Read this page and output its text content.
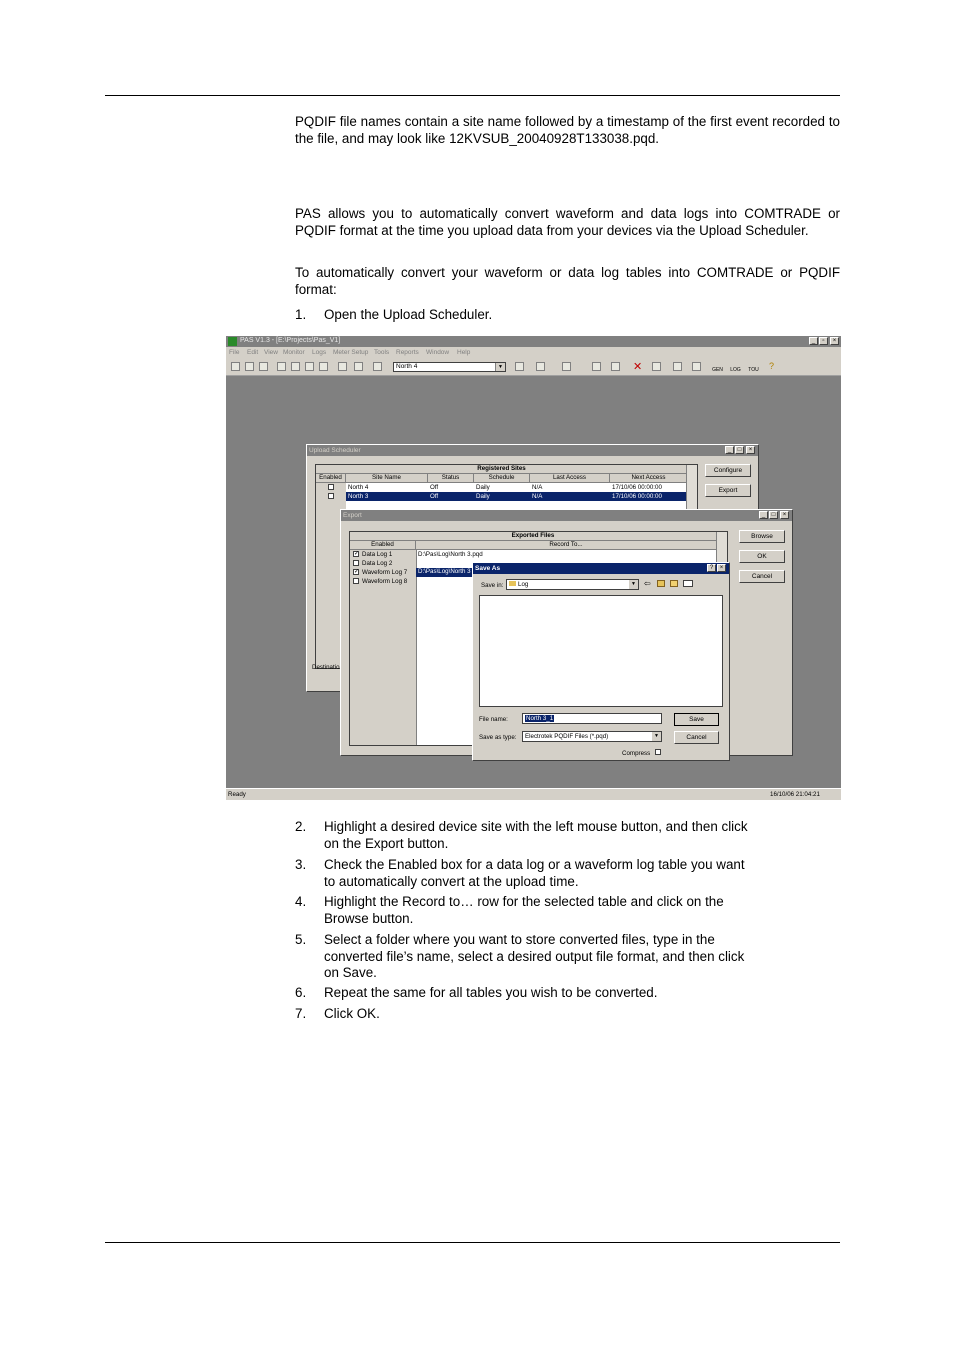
PQDIF file names contain a site name followed by a timestamp of the first event recorded to the file, and may look like 12KVSUB_20040928T133038.pqd.
PAS allows you to automatically convert waveform and data logs into COMTRADE or PQDIF format at the time you upload data from your devices via the Upload Scheduler.
To automatically convert your waveform or data log tables into COMTRADE or PQDIF format:
1. Open the Upload Scheduler.
PAS V1.3 - [E:\Projects\Pas_V1]	_	▫	×
File Edit View Monitor Logs Meter Setup Tools Reports Window Help
North 4	▼	✕	GEN LOG TOU ?
Upload Scheduler	_	□	×
Registered Sites
Enabled	Site Name	Status	Schedule	Last Access	Next Access
North 4	Off	Daily	N/A	17/10/06 00:00:00
North 3	Off	Daily	N/A	17/10/06 00:00:00
Destinatio
Configure
Export
Export	_	□	×
Exported Files
Enabled	Record To...
✓ Data Log 1	D:\Pas\Log\North 3.pqd
Data Log 2
✓ Waveform Log 7	D:\Pas\Log\North 3
Waveform Log 8
Browse
OK
Cancel
Save As	?	×
Save in:	Log	▼ ⇦
File name:	North 3_1
Save as type:	Electrotek PQDIF Files (*.pqd)	▼
Compress
Save
Cancel
Ready	16/10/06 21:04:21
2. Highlight a desired device site with the left mouse button, and then click on the Export button.
3. Check the Enabled box for a data log or a waveform log table you want to automatically convert at the upload time.
4. Highlight the Record to… row for the selected table and click on the Browse button.
5. Select a folder where you want to store converted files, type in the converted file’s name, select a desired output file format, and then click on Save.
6. Repeat the same for all tables you wish to be converted.
7. Click OK.
